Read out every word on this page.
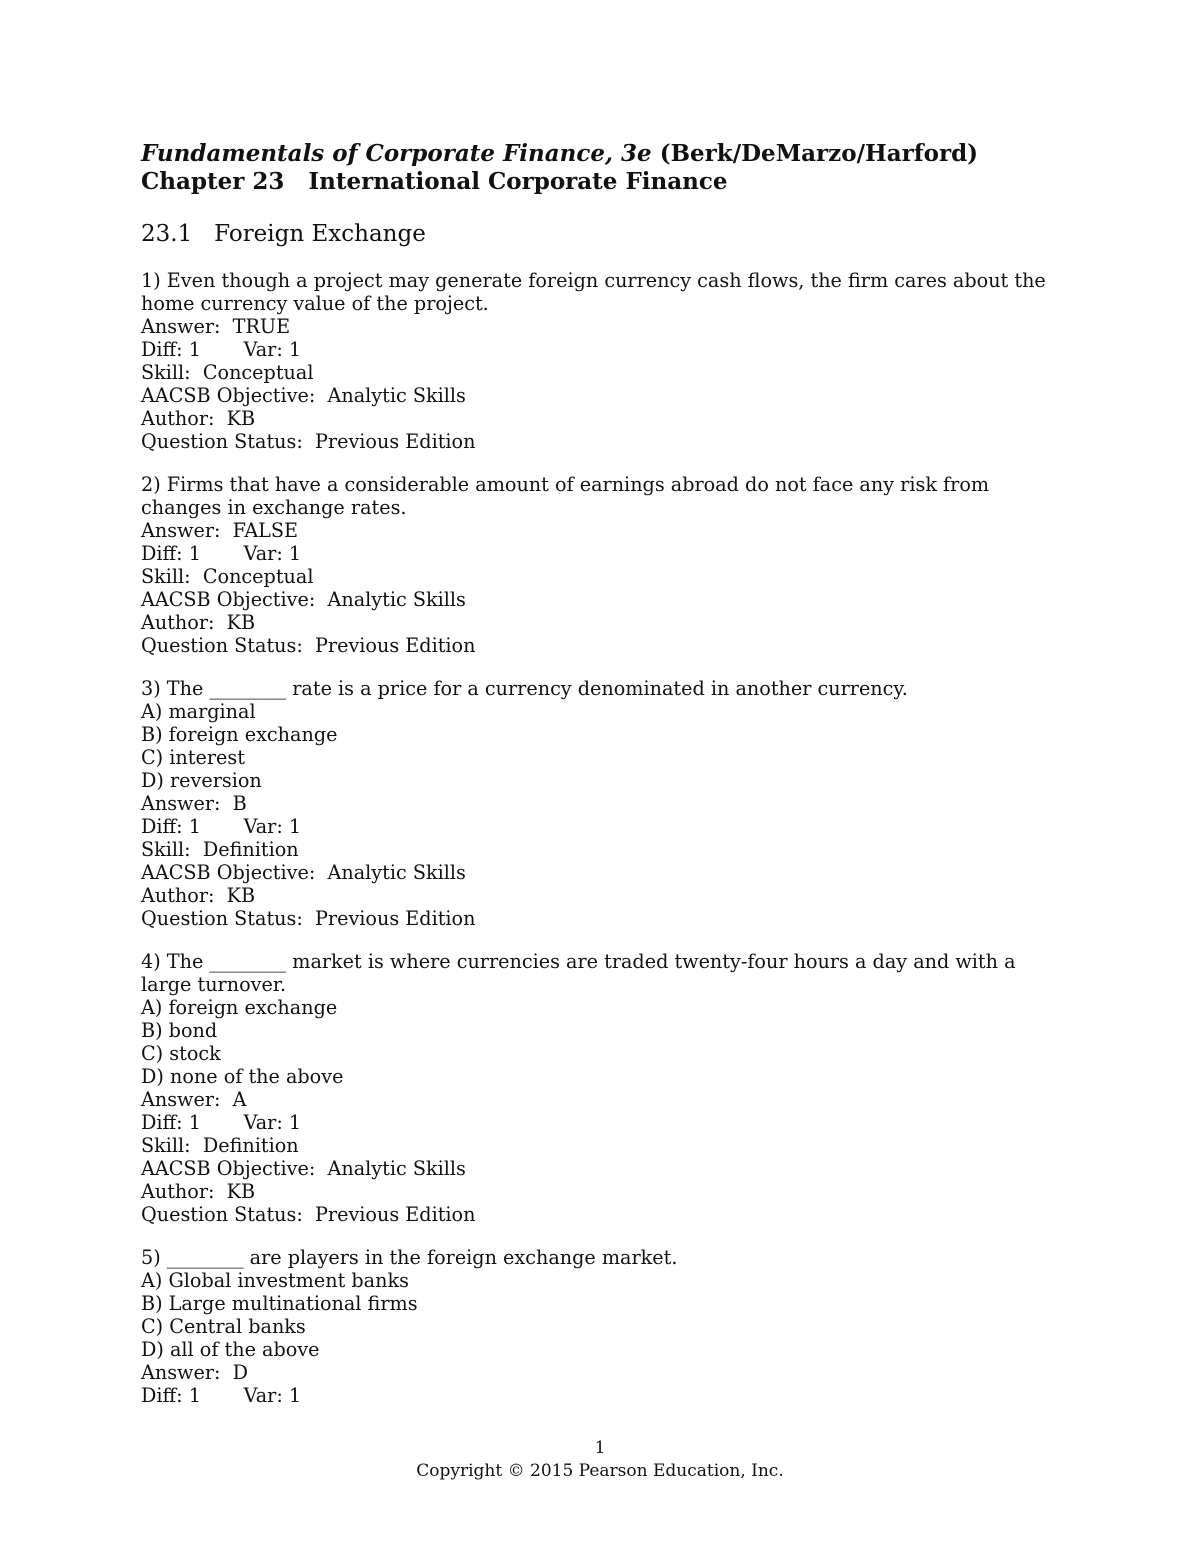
Fundamentals of Corporate Finance, 3e (Berk/DeMarzo/Harford)

Chapter 23   International Corporate Finance

23.1   Foreign Exchange

1) Even though a project may generate foreign currency cash flows, the firm cares about the home currency value of the project.

Answer:  TRUE

Diff: 1       Var: 1

Skill:  Conceptual

AACSB Objective:  Analytic Skills

Author:  KB

Question Status:  Previous Edition

2) Firms that have a considerable amount of earnings abroad do not face any risk from changes in exchange rates.

Answer:  FALSE

Diff: 1       Var: 1

Skill:  Conceptual

AACSB Objective:  Analytic Skills

Author:  KB

Question Status:  Previous Edition

3) The ________ rate is a price for a currency denominated in another currency.

A) marginal

B) foreign exchange

C) interest

D) reversion

Answer:  B

Diff: 1       Var: 1

Skill:  Definition

AACSB Objective:  Analytic Skills

Author:  KB

Question Status:  Previous Edition

4) The ________ market is where currencies are traded twenty-four hours a day and with a large turnover.

A) foreign exchange

B) bond

C) stock

D) none of the above

Answer:  A

Diff: 1       Var: 1

Skill:  Definition

AACSB Objective:  Analytic Skills

Author:  KB

Question Status:  Previous Edition

5) ________ are players in the foreign exchange market.

A) Global investment banks

B) Large multinational firms

C) Central banks

D) all of the above

Answer:  D

Diff: 1       Var: 1

1
Copyright © 2015 Pearson Education, Inc.
